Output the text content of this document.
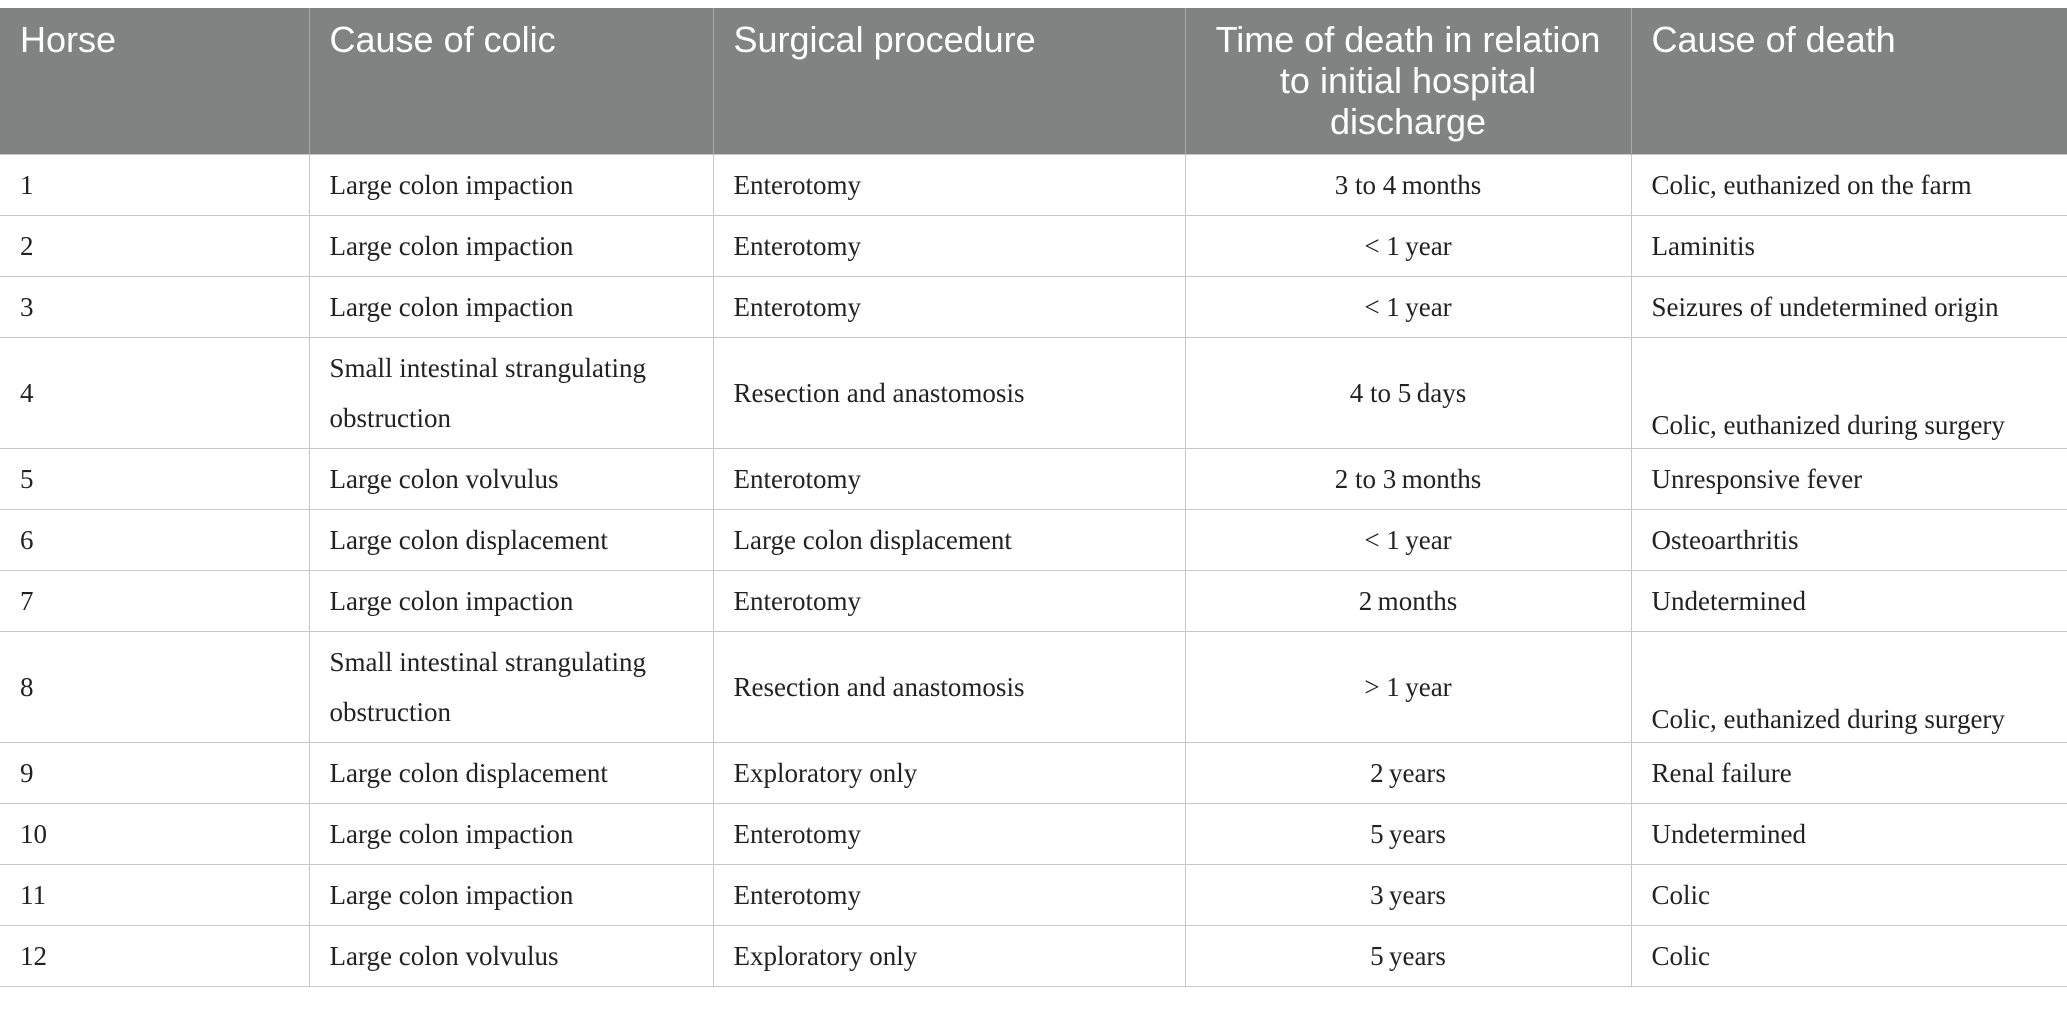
Horse	Cause of colic	Surgical procedure	Time of death in relation to initial hospital discharge	Cause of death
1	Large colon impaction	Enterotomy	3 to 4 months	Colic, euthanized on the farm
2	Large colon impaction	Enterotomy	< 1 year	Laminitis
3	Large colon impaction	Enterotomy	< 1 year	Seizures of undetermined origin
4	Small intestinal strangulating obstruction	Resection and anastomosis	4 to 5 days	Colic, euthanized during surgery
5	Large colon volvulus	Enterotomy	2 to 3 months	Unresponsive fever
6	Large colon displacement	Large colon displacement	< 1 year	Osteoarthritis
7	Large colon impaction	Enterotomy	2 months	Undetermined
8	Small intestinal strangulating obstruction	Resection and anastomosis	> 1 year	Colic, euthanized during surgery
9	Large colon displacement	Exploratory only	2 years	Renal failure
10	Large colon impaction	Enterotomy	5 years	Undetermined
11	Large colon impaction	Enterotomy	3 years	Colic
12	Large colon volvulus	Exploratory only	5 years	Colic
